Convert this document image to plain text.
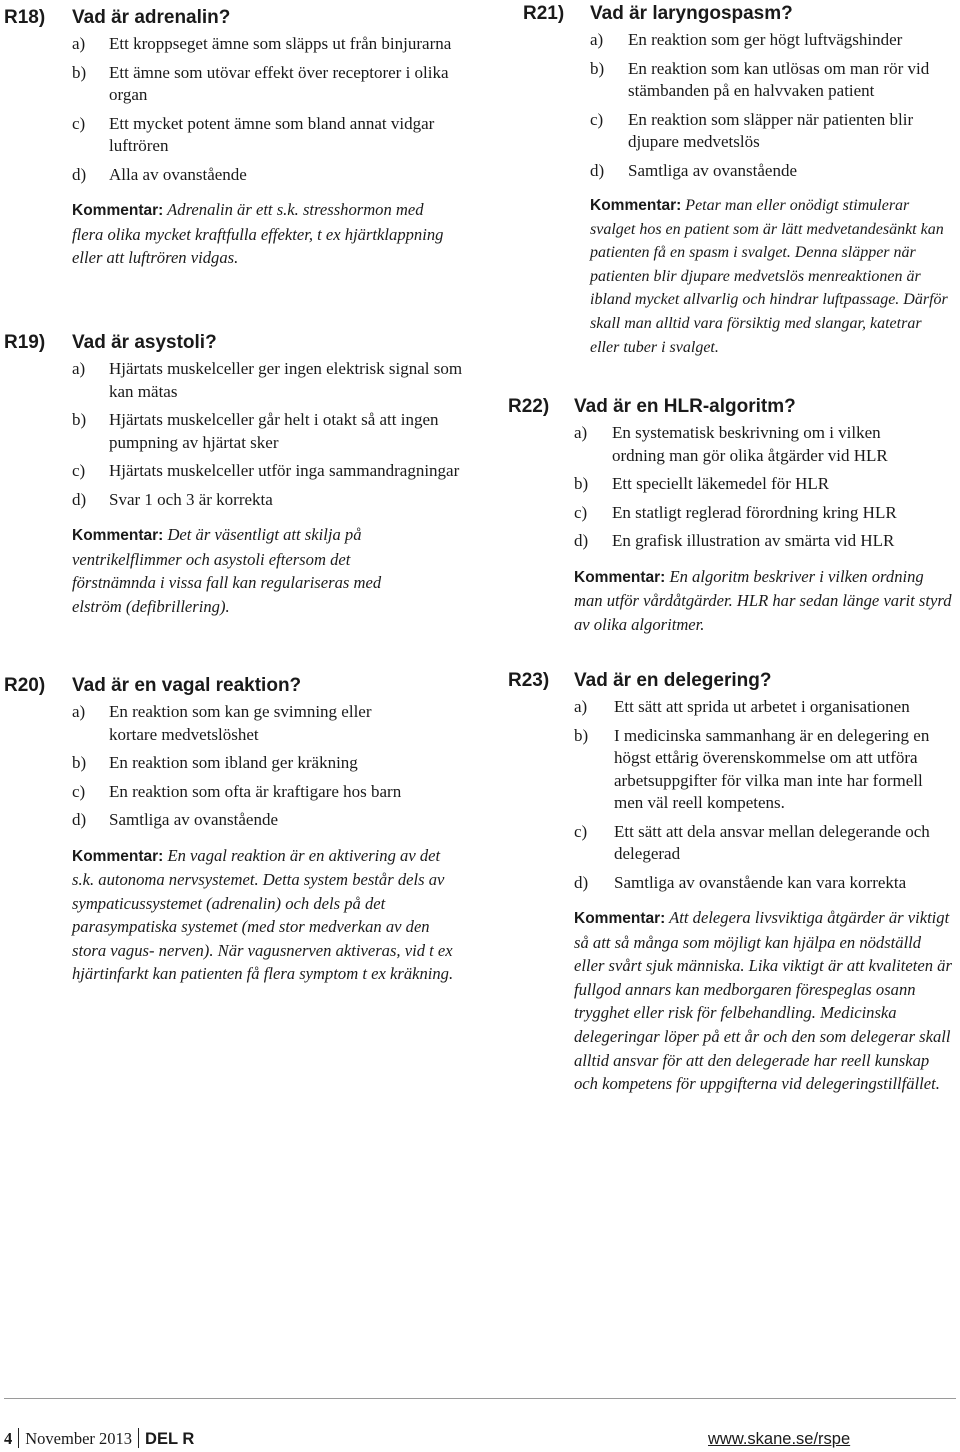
R18) Vad är adrenalin?
a) Ett kroppseget ämne som släpps ut från binjurarna
b) Ett ämne som utövar effekt över receptorer i olika organ
c) Ett mycket potent ämne som bland annat vidgar luftrören
d) Alla av ovanstående

Kommentar: Adrenalin är ett s.k. stresshormon med flera olika mycket kraftfulla effekter, t ex hjärtklappning eller att luftrören vidgas.

R19) Vad är asystoli?
a) Hjärtats muskelceller ger ingen elektrisk signal som kan mätas
b) Hjärtats muskelceller går helt i otakt så att ingen pumpning av hjärtat sker
c) Hjärtats muskelceller utför inga sammandragningar
d) Svar 1 och 3 är korrekta

Kommentar: Det är väsentligt att skilja på ventrikelflimmer och asystoli eftersom det förstnämnda i vissa fall kan regulariseras med elström (defibrillering).

R20) Vad är en vagal reaktion?
a) En reaktion som kan ge svimning eller kortare medvetslöshet
b) En reaktion som ibland ger kräkning
c) En reaktion som ofta är kraftigare hos barn
d) Samtliga av ovanstående

Kommentar: En vagal reaktion är en aktivering av det s.k. autonoma nervsystemet. Detta system består dels av sympaticussystemet (adrenalin) och dels på det parasympatiska systemet (med stor medverkan av den stora vagus- nerven). När vagusnerven aktiveras, vid t ex hjärtinfarkt kan patienten få flera symptom t ex kräkning.

R21) Vad är laryngospasm?
a) En reaktion som ger högt luftvägshinder
b) En reaktion som kan utlösas om man rör vid stämbanden på en halvvaken patient
c) En reaktion som släpper när patienten blir djupare medvetslös
d) Samtliga av ovanstående

Kommentar: Petar man eller onödigt stimulerar svalget hos en patient som är lätt medvetandesänkt kan patienten få en spasm i svalget. Denna släpper när patienten blir djupare medvetslös menreaktionen är ibland mycket allvarlig och hindrar luftpassage. Därför skall man alltid vara försiktig med slangar, katetrar eller tuber i svalget.

R22) Vad är en HLR-algoritm?
a) En systematisk beskrivning om i vilken ordning man gör olika åtgärder vid HLR
b) Ett speciellt läkemedel för HLR
c) En statligt reglerad förordning kring HLR
d) En grafisk illustration av smärta vid HLR

Kommentar: En algoritm beskriver i vilken ordning man utför vårdåtgärder. HLR har sedan länge varit styrd av olika algoritmer.

R23) Vad är en delegering?
a) Ett sätt att sprida ut arbetet i organisationen
b) I medicinska sammanhang är en delegering en högst ettårig överenskommelse om att utföra arbetsuppgifter för vilka man inte har formell men väl reell kompetens.
c) Ett sätt att dela ansvar mellan delegerande och delegerad
d) Samtliga av ovanstående kan vara korrekta

Kommentar: Att delegera livsviktiga åtgärder är viktigt så att så många som möjligt kan hjälpa en nödställd eller svårt sjuk människa. Lika viktigt är att kvaliteten är fullgod annars kan medborgaren förespeglas osann trygghet eller risk för felbehandling. Medicinska delegeringar löper på ett år och den som delegerar skall alltid ansvar för att den delegerade har reell kunskap och kompetens för uppgifterna vid delegeringstillfället.

4 November 2013 DEL R	www.skane.se/rspe
